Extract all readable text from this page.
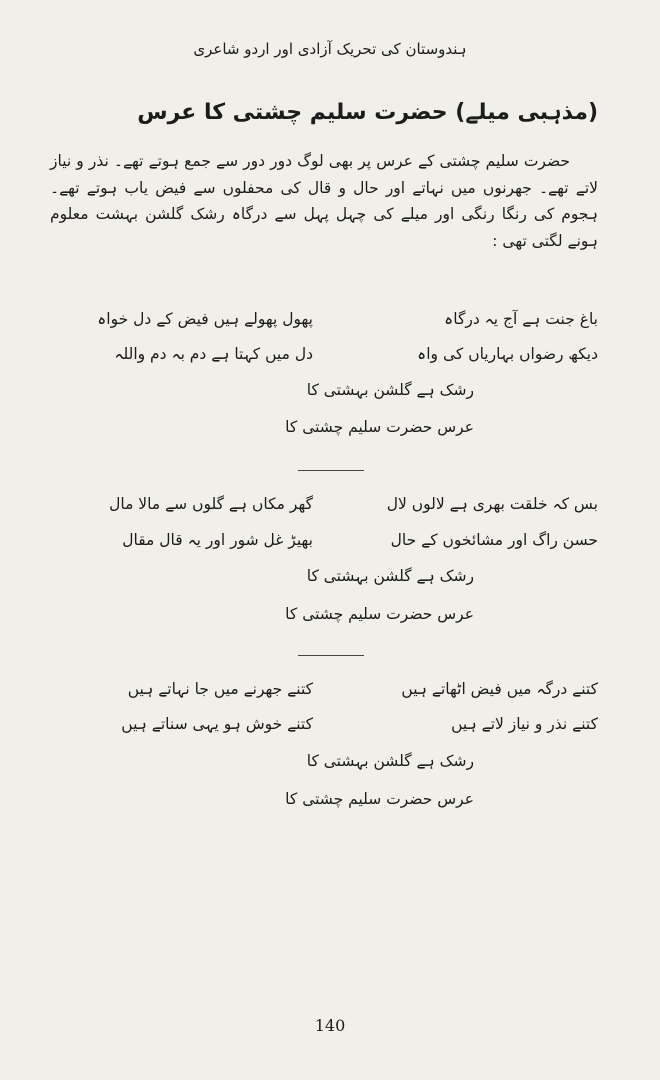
ہندوستان کی تحریک آزادی اور اردو شاعری
(مذہبی میلے) حضرت سلیم چشتی کا عرس

حضرت سلیم چشتی کے عرس پر بھی لوگ دور دور سے جمع ہوتے تھے۔ نذر و نیاز لاتے تھے۔ جھرنوں میں نہاتے اور حال و قال کی محفلوں سے فیض یاب ہوتے تھے۔ ہجوم کی رنگا رنگی اور میلے کی چہل پہل سے درگاہ رشک گلشن بہشت معلوم ہونے لگتی تھی :

باغ جنت ہے آج یہ درگاہ
پھول پھولے ہیں فیض کے دل خواہ
دیکھ رضواں بہاریاں کی واہ
دل میں کہتا ہے دم بہ دم واللہ
رشک ہے گلشن بہشتی کا
عرس حضرت سلیم چشتی کا
بس کہ خلقت بھری ہے لالوں لال
گھر مکاں ہے گلوں سے مالا مال
حسن راگ اور مشائخوں کے حال
بھیڑ غل شور اور یہ قال مقال
رشک ہے گلشن بہشتی کا
عرس حضرت سلیم چشتی کا
کتنے درگہ میں فیض اٹھاتے ہیں
کتنے جھرنے میں جا نہاتے ہیں
کتنے نذر و نیاز لاتے ہیں
کتنے خوش ہو یہی سناتے ہیں
رشک ہے گلشن بہشتی کا
عرس حضرت سلیم چشتی کا
140
